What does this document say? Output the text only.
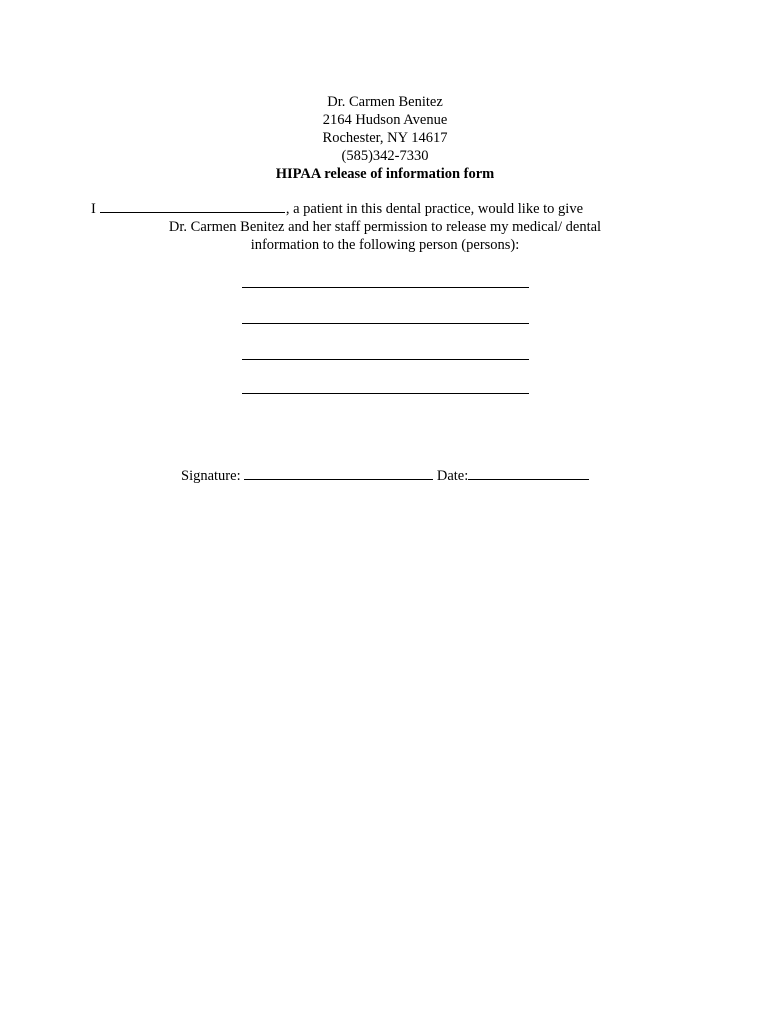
Dr. Carmen Benitez
2164 Hudson Avenue
Rochester, NY 14617
(585)342-7330
HIPAA release of information form
I	, a patient in this dental practice, would like to give
Dr. Carmen Benitez and her staff permission to release my medical/ dental
information to the following person (persons):
Signature:	Date:
